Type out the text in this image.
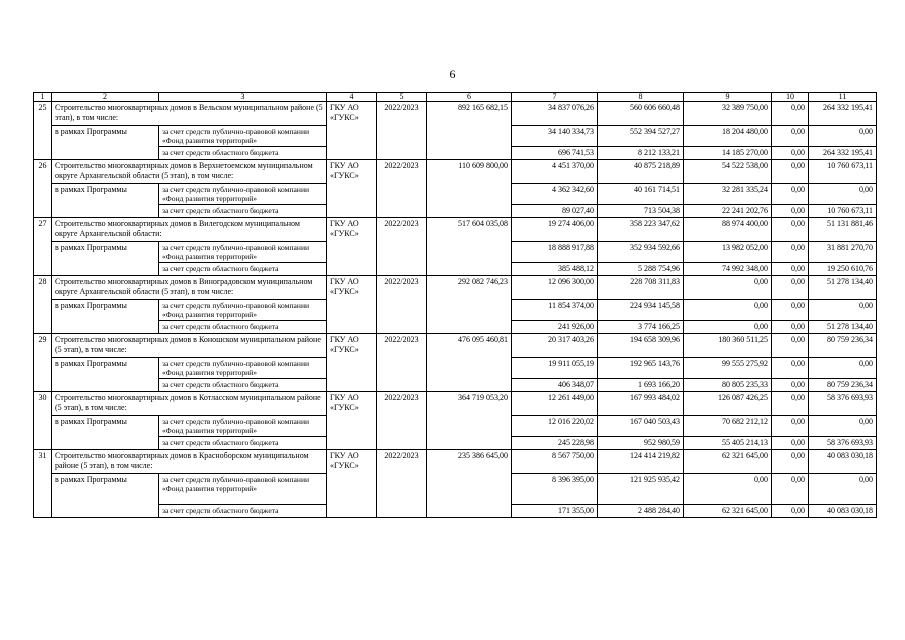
6
1	2	3	4	5	6	7	8	9	10	11
25	Строительство многоквартирных домов в Вельском муниципальном районе (5 этап), в том числе:		ГКУ АО «ГУКС»	2022/2023	892 165 682,15	34 837 076,26	560 606 660,48	32 389 750,00	0,00	264 332 195,41
	в рамках Программы	за счет средств публично-правовой компании «Фонд развития территорий»				34 140 334,73	552 394 527,27	18 204 480,00	0,00	0,00
		за счет средств областного бюджета				696 741,53	8 212 133,21	14 185 270,00	0,00	264 332 195,41
26	Строительство многоквартирных домов в Верхнетоемском муниципальном округе Архангельской области (5 этап), в том числе:		ГКУ АО «ГУКС»	2022/2023	110 609 800,00	4 451 370,00	40 875 218,89	54 522 538,00	0,00	10 760 673,11
	в рамках Программы	за счет средств публично-правовой компании «Фонд развития территорий»				4 362 342,60	40 161 714,51	32 281 335,24	0,00	0,00
		за счет средств областного бюджета				89 027,40	713 504,38	22 241 202,76	0,00	10 760 673,11
27	Строительство многоквартирных домов в Вилегодском муниципальном округе Архангельской области:		ГКУ АО «ГУКС»	2022/2023	517 604 035,08	19 274 406,00	358 223 347,62	88 974 400,00	0,00	51 131 881,46
	в рамках Программы	за счет средств публично-правовой компании «Фонд развития территорий»				18 888 917,88	352 934 592,66	13 982 052,00	0,00	31 881 270,70
		за счет средств областного бюджета				385 488,12	5 288 754,96	74 992 348,00	0,00	19 250 610,76
28	Строительство многоквартирных домов в Виноградовском муниципальном округе Архангельской области (5 этап), в том числе:		ГКУ АО «ГУКС»	2022/2023	292 082 746,23	12 096 300,00	228 708 311,83	0,00	0,00	51 278 134,40
	в рамках Программы	за счет средств публично-правовой компании «Фонд развития территорий»				11 854 374,00	224 934 145,58	0,00	0,00	0,00
		за счет средств областного бюджета				241 926,00	3 774 166,25	0,00	0,00	51 278 134,40
29	Строительство многоквартирных домов в Коношском муниципальном районе (5 этап), в том числе:		ГКУ АО «ГУКС»	2022/2023	476 095 460,81	20 317 403,26	194 658 309,96	180 360 511,25	0,00	80 759 236,34
	в рамках Программы	за счет средств публично-правовой компании «Фонд развития территорий»				19 911 055,19	192 965 143,76	99 555 275,92	0,00	0,00
		за счет средств областного бюджета				406 348,07	1 693 166,20	80 805 235,33	0,00	80 759 236,34
30	Строительство многоквартирных домов в Котласском муниципальном районе (5 этап), в том числе:		ГКУ АО «ГУКС»	2022/2023	364 719 053,20	12 261 449,00	167 993 484,02	126 087 426,25	0,00	58 376 693,93
	в рамках Программы	за счет средств публично-правовой компании «Фонд развития территорий»				12 016 220,02	167 040 503,43	70 682 212,12	0,00	0,00
		за счет средств областного бюджета				245 228,98	952 980,59	55 405 214,13	0,00	58 376 693,93
31	Строительство многоквартирных домов в Красноборском муниципальном районе (5 этап), в том числе:		ГКУ АО «ГУКС»	2022/2023	235 386 645,00	8 567 750,00	124 414 219,82	62 321 645,00	0,00	40 083 030,18
	в рамках Программы	за счет средств публично-правовой компании «Фонд развития территорий»				8 396 395,00	121 925 935,42	0,00	0,00	0,00
		за счет средств областного бюджета				171 355,00	2 488 284,40	62 321 645,00	0,00	40 083 030,18
